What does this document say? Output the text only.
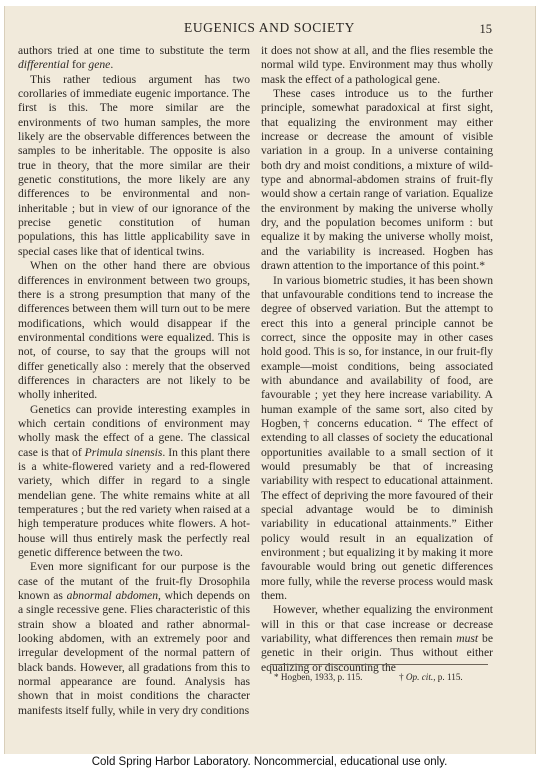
EUGENICS AND SOCIETY	15

authors tried at one time to substitute the term differential for gene.

This rather tedious argument has two corollaries of immediate eugenic importance. The first is this. The more similar are the environments of two human samples, the more likely are the observable differences between the samples to be inheritable. The opposite is also true in theory, that the more similar are their genetic constitutions, the more likely are any differences to be environmental and non-inheritable ; but in view of our ignorance of the precise genetic constitution of human populations, this has little applicability save in special cases like that of identical twins.

When on the other hand there are obvious differences in environment between two groups, there is a strong presumption that many of the differences between them will turn out to be mere modifications, which would disappear if the environmental conditions were equalized. This is not, of course, to say that the groups will not differ genetically also : merely that the observed differences in characters are not likely to be wholly inherited.

Genetics can provide interesting examples in which certain conditions of environment may wholly mask the effect of a gene. The classical case is that of Primula sinensis. In this plant there is a white-flowered variety and a red-flowered variety, which differ in regard to a single mendelian gene. The white remains white at all temperatures ; but the red variety when raised at a high temperature produces white flowers. A hot-house will thus entirely mask the perfectly real genetic difference between the two.

Even more significant for our purpose is the case of the mutant of the fruit-fly Drosophila known as abnormal abdomen, which depends on a single recessive gene. Flies characteristic of this strain show a bloated and rather abnormal-looking abdomen, with an extremely poor and irregular development of the normal pattern of black bands. However, all gradations from this to normal appearance are found. Analysis has shown that in moist conditions the character manifests itself fully, while in very dry conditions

it does not show at all, and the flies resemble the normal wild type. Environment may thus wholly mask the effect of a pathological gene.

These cases introduce us to the further principle, somewhat paradoxical at first sight, that equalizing the environment may either increase or decrease the amount of visible variation in a group. In a universe containing both dry and moist conditions, a mixture of wild-type and abnormal-abdomen strains of fruit-fly would show a certain range of variation. Equalize the environment by making the universe wholly dry, and the population becomes uniform : but equalize it by making the universe wholly moist, and the variability is increased. Hogben has drawn attention to the importance of this point.*

In various biometric studies, it has been shown that unfavourable conditions tend to increase the degree of observed variation. But the attempt to erect this into a general principle cannot be correct, since the opposite may in other cases hold good. This is so, for instance, in our fruit-fly example—moist conditions, being associated with abundance and availability of food, are favourable ; yet they here increase variability. A human example of the same sort, also cited by Hogben,† concerns education. “ The effect of extending to all classes of society the educational opportunities available to a small section of it would presumably be that of increasing variability with respect to educational attainment. The effect of depriving the more favoured of their special advantage would be to diminish variability in educational attainments.” Either policy would result in an equalization of environment ; but equalizing it by making it more favourable would bring out genetic differences more fully, while the reverse process would mask them.

However, whether equalizing the environment will in this or that case increase or decrease variability, what differences then remain must be genetic in their origin. Thus without either equalizing or discounting the

* Hogben, 1933, p. 115.	† Op. cit., p. 115.
Cold Spring Harbor Laboratory. Noncommercial, educational use only.
